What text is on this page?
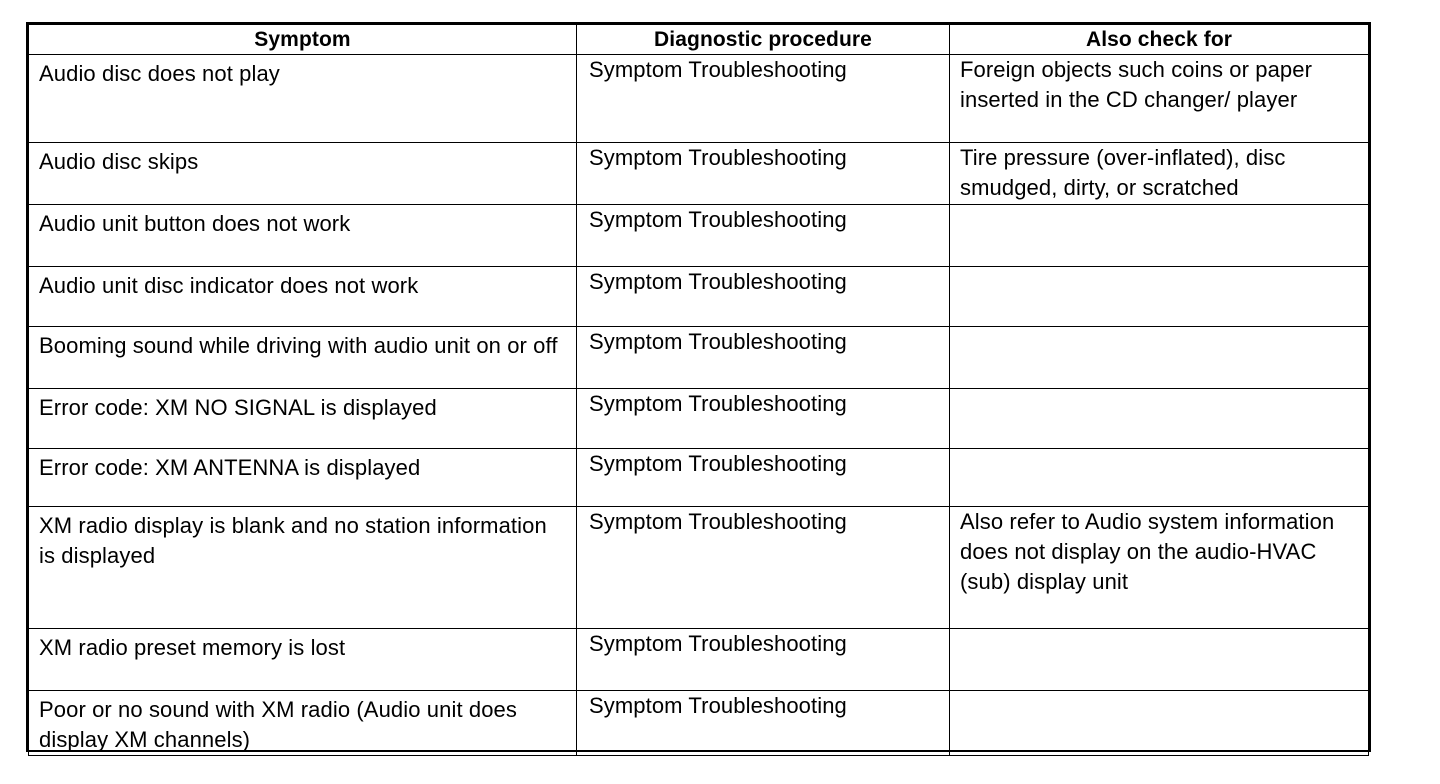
Symptom	Diagnostic procedure	Also check for
Audio disc does not play	Symptom Troubleshooting	Foreign objects such coins or paper inserted in the CD changer/ player
Audio disc skips	Symptom Troubleshooting	Tire pressure (over-inflated), disc smudged, dirty, or scratched
Audio unit button does not work	Symptom Troubleshooting	
Audio unit disc indicator does not work	Symptom Troubleshooting	
Booming sound while driving with audio unit on or off	Symptom Troubleshooting	
Error code: XM NO SIGNAL is displayed	Symptom Troubleshooting	
Error code: XM ANTENNA is displayed	Symptom Troubleshooting	
XM radio display is blank and no station information is displayed	Symptom Troubleshooting	Also refer to Audio system information does not display on the audio-HVAC (sub) display unit
XM radio preset memory is lost	Symptom Troubleshooting	
Poor or no sound with XM radio (Audio unit does display XM channels)	Symptom Troubleshooting	
